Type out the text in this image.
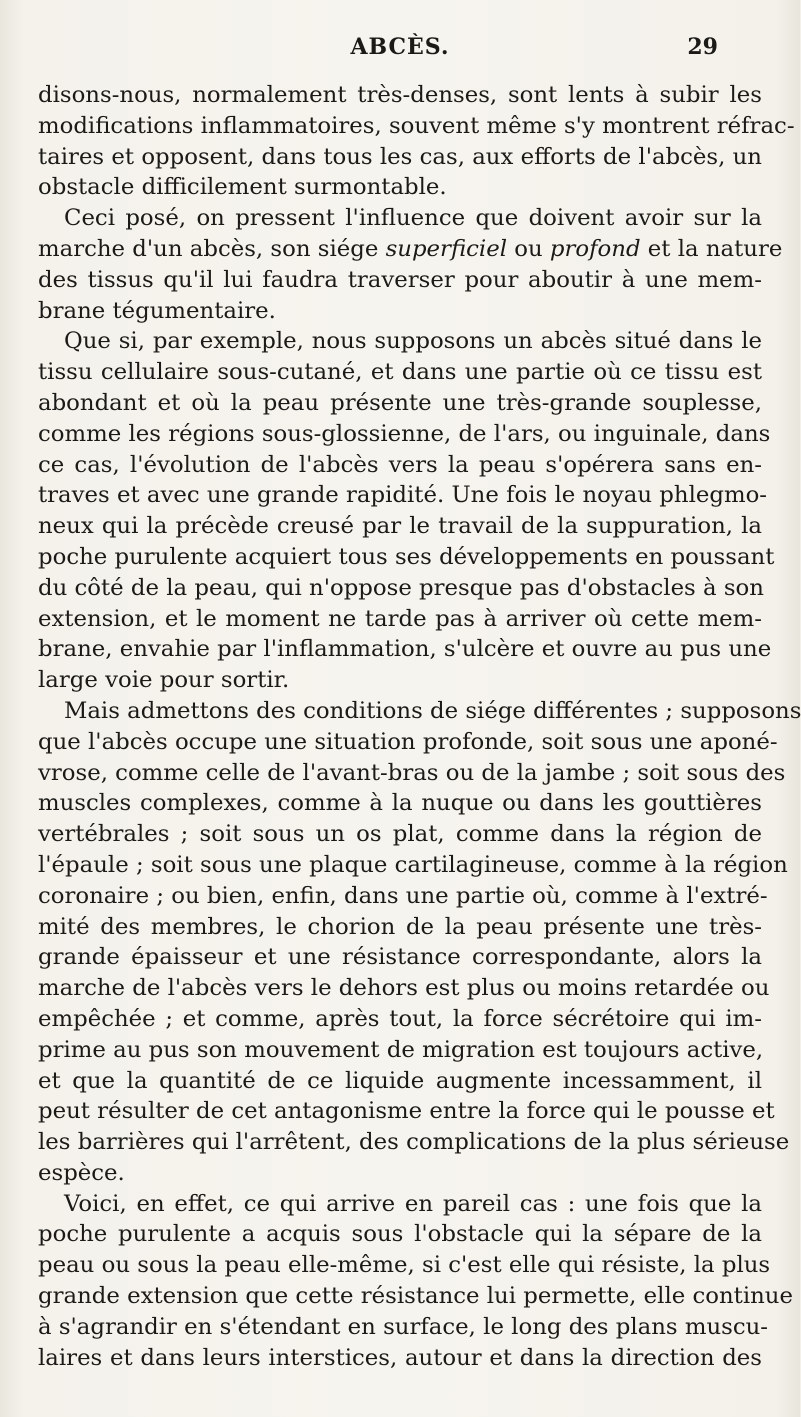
ABCÈS.	29
disons-nous, normalement très-denses, sont lents à subir les
modifications inflammatoires, souvent même s'y montrent réfrac-
taires et opposent, dans tous les cas, aux efforts de l'abcès, un
obstacle difficilement surmontable.
Ceci posé, on pressent l'influence que doivent avoir sur la
marche d'un abcès, son siége superficiel ou profond et la nature
des tissus qu'il lui faudra traverser pour aboutir à une mem-
brane tégumentaire.
Que si, par exemple, nous supposons un abcès situé dans le
tissu cellulaire sous-cutané, et dans une partie où ce tissu est
abondant et où la peau présente une très-grande souplesse,
comme les régions sous-glossienne, de l'ars, ou inguinale, dans
ce cas, l'évolution de l'abcès vers la peau s'opérera sans en-
traves et avec une grande rapidité. Une fois le noyau phlegmo-
neux qui la précède creusé par le travail de la suppuration, la
poche purulente acquiert tous ses développements en poussant
du côté de la peau, qui n'oppose presque pas d'obstacles à son
extension, et le moment ne tarde pas à arriver où cette mem-
brane, envahie par l'inflammation, s'ulcère et ouvre au pus une
large voie pour sortir.
Mais admettons des conditions de siége différentes ; supposons
que l'abcès occupe une situation profonde, soit sous une aponé-
vrose, comme celle de l'avant-bras ou de la jambe ; soit sous des
muscles complexes, comme à la nuque ou dans les gouttières
vertébrales ; soit sous un os plat, comme dans la région de
l'épaule ; soit sous une plaque cartilagineuse, comme à la région
coronaire ; ou bien, enfin, dans une partie où, comme à l'extré-
mité des membres, le chorion de la peau présente une très-
grande épaisseur et une résistance correspondante, alors la
marche de l'abcès vers le dehors est plus ou moins retardée ou
empêchée ; et comme, après tout, la force sécrétoire qui im-
prime au pus son mouvement de migration est toujours active,
et que la quantité de ce liquide augmente incessamment, il
peut résulter de cet antagonisme entre la force qui le pousse et
les barrières qui l'arrêtent, des complications de la plus sérieuse
espèce.
Voici, en effet, ce qui arrive en pareil cas : une fois que la
poche purulente a acquis sous l'obstacle qui la sépare de la
peau ou sous la peau elle-même, si c'est elle qui résiste, la plus
grande extension que cette résistance lui permette, elle continue
à s'agrandir en s'étendant en surface, le long des plans muscu-
laires et dans leurs interstices, autour et dans la direction des
